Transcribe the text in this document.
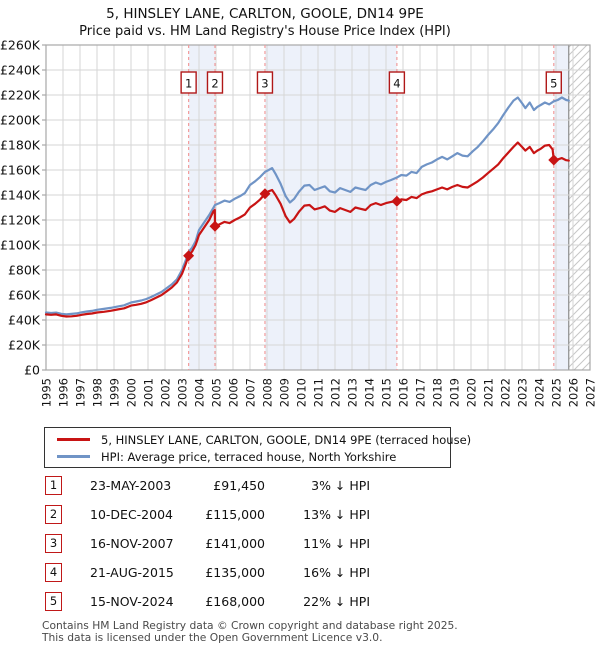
5, HINSLEY LANE, CARLTON, GOOLE, DN14 9PE
Price paid vs. HM Land Registry's House Price Index (HPI)
£0
£20K
£40K
£60K
£80K
£100K
£120K
£140K
£160K
£180K
£200K
£220K
£240K
£260K
1995 1996 1997 1998 1999 2000 2001 2002 2003 2004 2005 2006 2007 2008 2009 2010 2011 2012 2013 2014 2015 2016 2017 2018 2019 2020 2021 2022 2023 2024 2025 2026 2027
1 2	3	4	5
5, HINSLEY LANE, CARLTON, GOOLE, DN14 9PE (terraced house)
HPI: Average price, terraced house, North Yorkshire
1	23-MAY-2003	£91,450	3% ↓ HPI
2	10-DEC-2004	£115,000	13% ↓ HPI
3	16-NOV-2007	£141,000	11% ↓ HPI
4	21-AUG-2015	£135,000	16% ↓ HPI
5	15-NOV-2024	£168,000	22% ↓ HPI
Contains HM Land Registry data © Crown copyright and database right 2025.
This data is licensed under the Open Government Licence v3.0.
